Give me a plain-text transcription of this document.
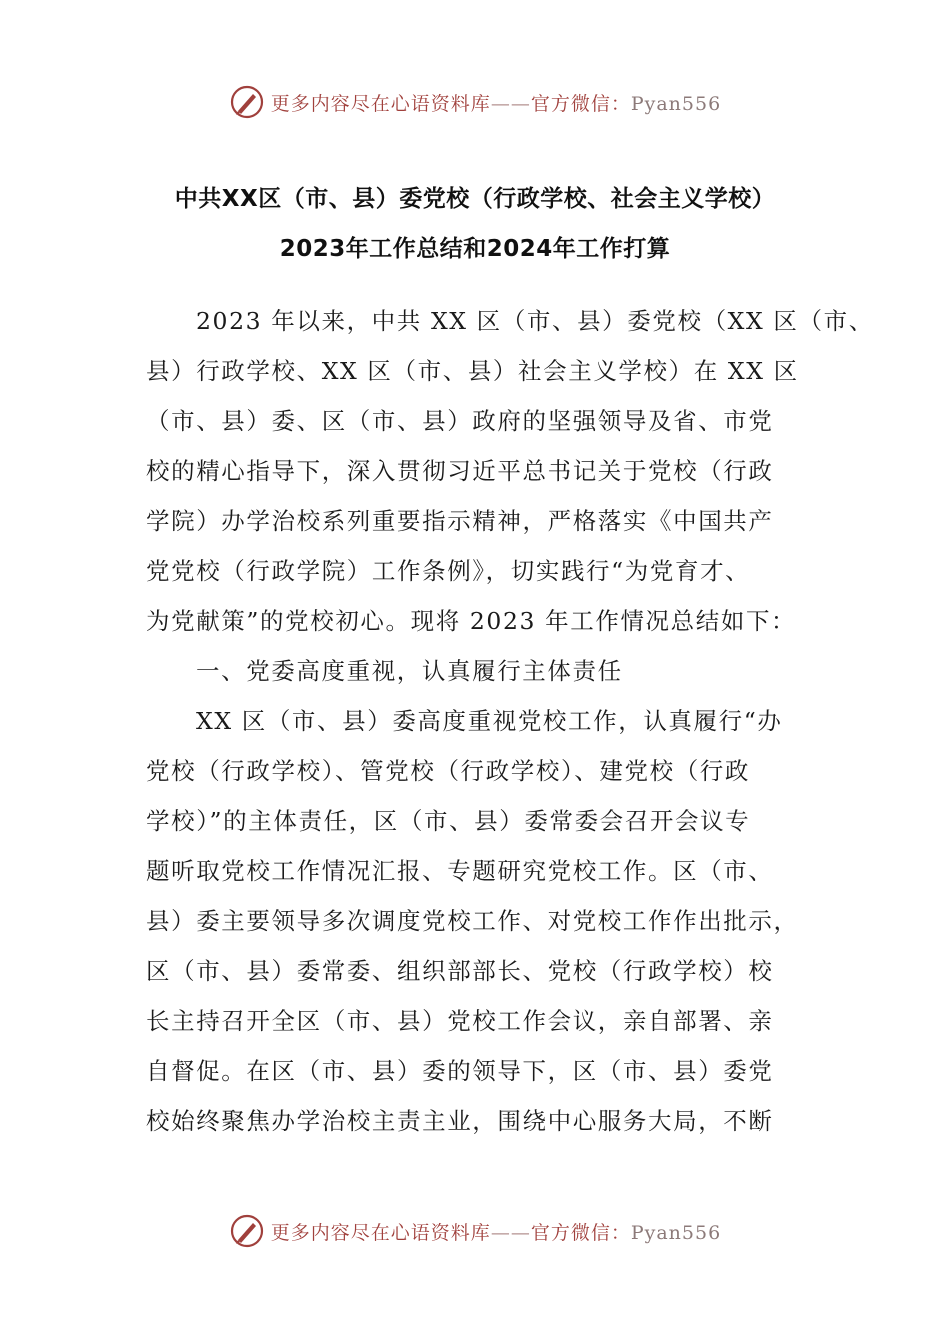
更多内容尽在心语资料库——官方微信：Pyan556
中共XX区（市、县）委党校（行政学校、社会主义学校）
2023年工作总结和2024年工作打算
2023 年以来，中共 XX 区（市、县）委党校（XX 区（市、
县）行政学校、XX 区（市、县）社会主义学校）在 XX 区
（市、县）委、区（市、县）政府的坚强领导及省、市党
校的精心指导下，深入贯彻习近平总书记关于党校（行政
学院）办学治校系列重要指示精神，严格落实《中国共产
党党校（行政学院）工作条例》，切实践行“为党育才、
为党献策”的党校初心。现将 2023 年工作情况总结如下：
一、党委高度重视，认真履行主体责任
XX 区（市、县）委高度重视党校工作，认真履行“办
党校（行政学校）、管党校（行政学校）、建党校（行政
学校）”的主体责任，区（市、县）委常委会召开会议专
题听取党校工作情况汇报、专题研究党校工作。区（市、
县）委主要领导多次调度党校工作、对党校工作作出批示，
区（市、县）委常委、组织部部长、党校（行政学校）校
长主持召开全区（市、县）党校工作会议，亲自部署、亲
自督促。在区（市、县）委的领导下，区（市、县）委党
校始终聚焦办学治校主责主业，围绕中心服务大局，不断
更多内容尽在心语资料库——官方微信：Pyan556
